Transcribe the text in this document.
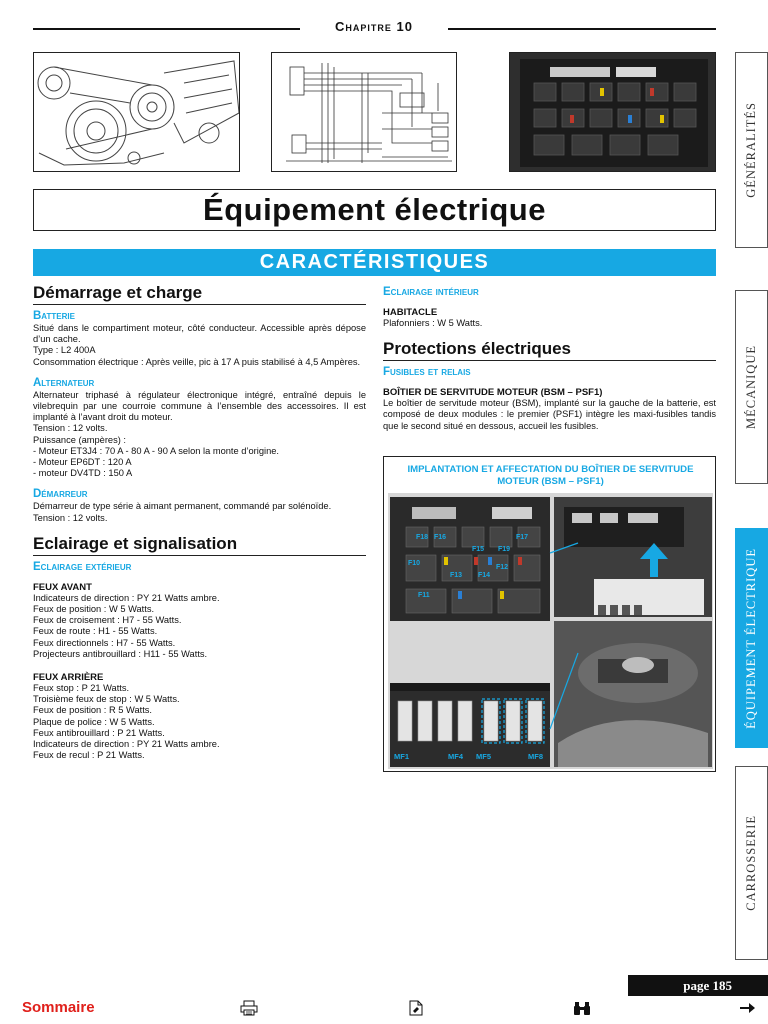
Chapitre 10
Équipement électrique
CARACTÉRISTIQUES
Démarrage et charge
Batterie
Situé dans le compartiment moteur, côté conducteur. Accessible après dépose d’un cache.
Type : L2 400A
Consommation électrique : Après veille, pic à 17 A puis stabilisé à 4,5 Ampères.
Alternateur
Alternateur triphasé à régulateur électronique intégré, entraîné depuis le vilebrequin par une courroie commune à l’ensemble des accessoires. Il est implanté à l’avant droit du moteur.
Tension : 12 volts.
Puissance (ampères) :
- Moteur ET3J4 : 70 A - 80 A - 90 A selon la monte d’origine.
- Moteur EP6DT : 120 A
- moteur DV4TD : 150 A
Démarreur
Démarreur de type série à aimant permanent, commandé par solénoïde.
Tension : 12 volts.
Eclairage et signalisation
Eclairage extérieur
FEUX AVANT
Indicateurs de direction : PY 21 Watts ambre.
Feux de position : W 5 Watts.
Feux de croisement : H7 - 55 Watts.
Feux de route : H1 - 55 Watts.
Feux directionnels : H7 - 55 Watts.
Projecteurs antibrouillard : H11 - 55 Watts.
FEUX ARRIÈRE
Feux stop : P 21 Watts.
Troisième feux de stop : W 5 Watts.
Feux de position : R 5 Watts.
Plaque de police : W 5 Watts.
Feux antibrouillard : P 21 Watts.
Indicateurs de direction : PY 21 Watts ambre.
Feux de recul : P 21 Watts.
Eclairage intérieur
HABITACLE
Plafonniers : W 5 Watts.
Protections électriques
Fusibles et relais
BOÎTIER DE SERVITUDE MOTEUR (BSM – PSF1)
Le boîtier de servitude moteur (BSM), implanté sur la gauche de la batterie, est composé de deux modules : le premier (PSF1) intègre les maxi-fusibles tandis que le second situé en dessous, accueil les fusibles.
IMPLANTATION ET AFFECTATION DU BOÎTIER DE SERVITUDE MOTEUR (BSM – PSF1)
F18 F16	F17
F12
F10
F15 F19
F13 F14
F11
MF1	MF4 MF5	MF8
GÉNÉRALITÉS
MÉCANIQUE
ÉQUIPEMENT ÉLECTRIQUE
CARROSSERIE
page 185
Sommaire
